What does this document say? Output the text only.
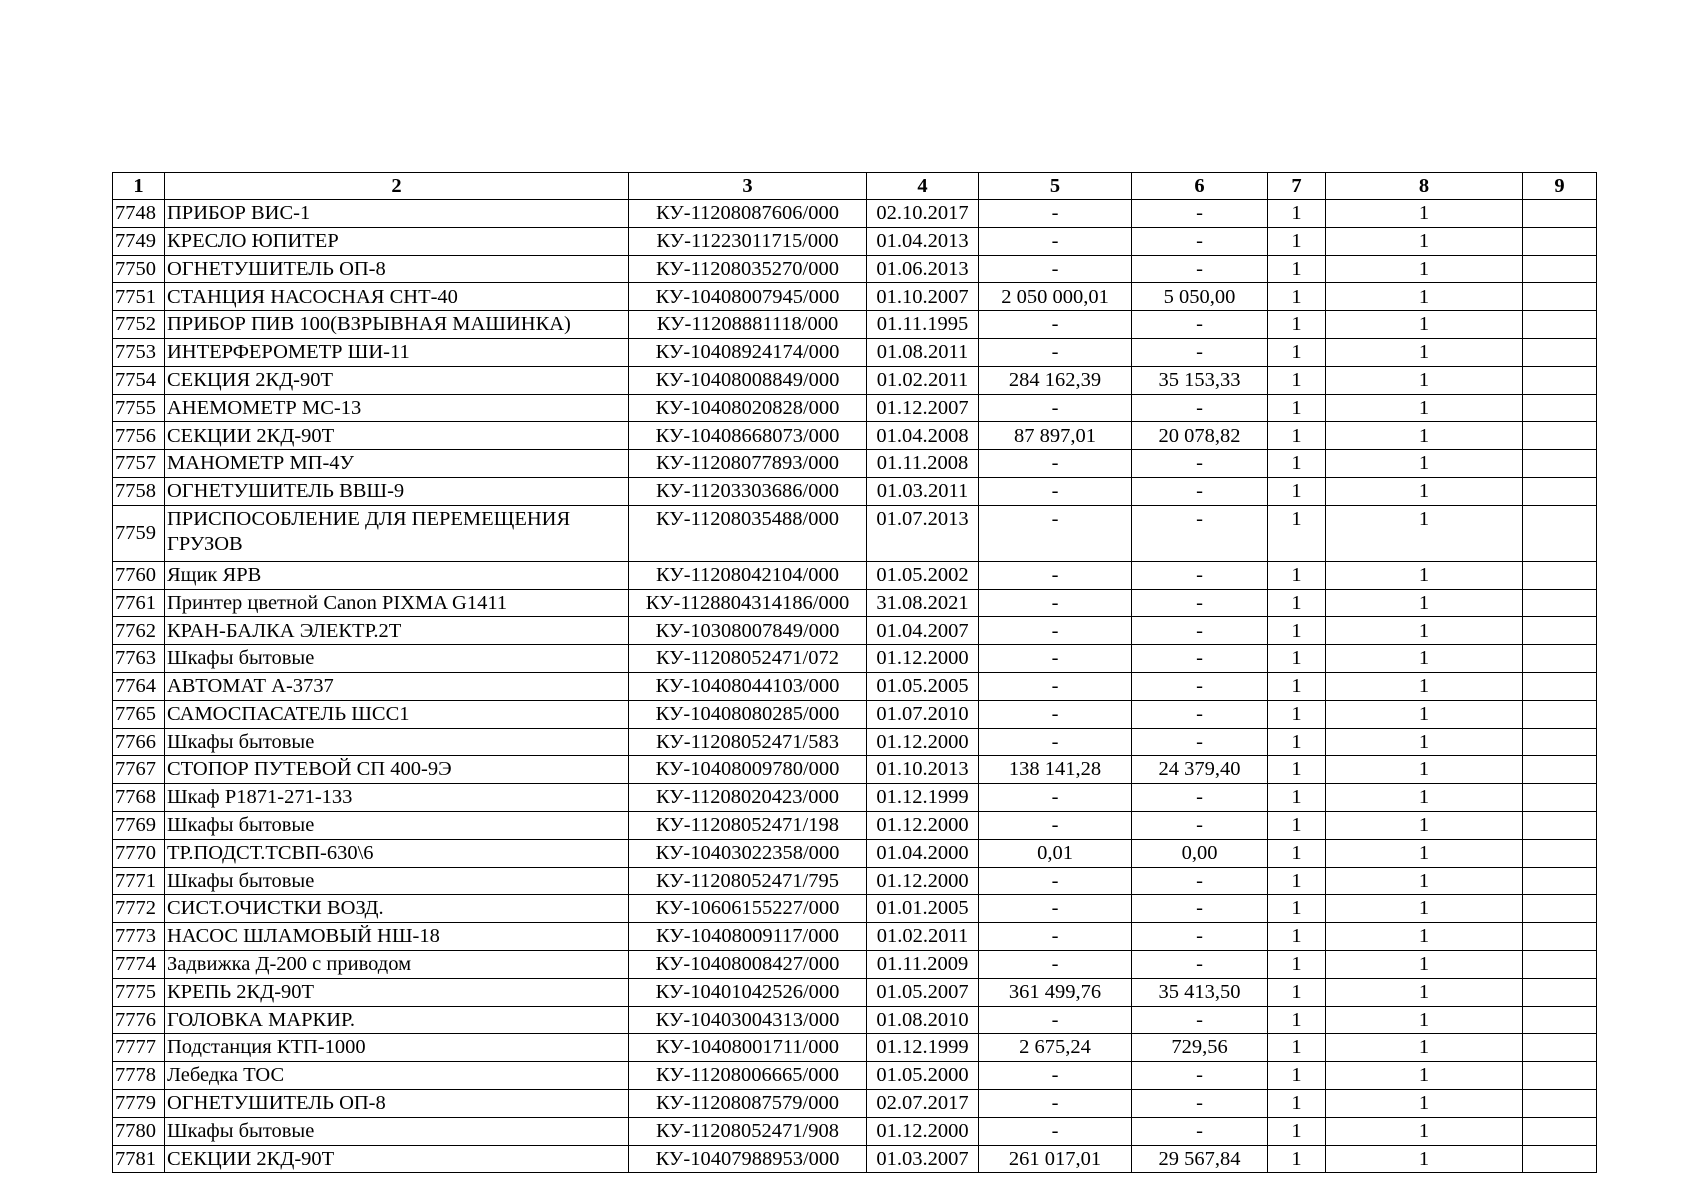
1	2	3	4	5	6	7	8	9
7748	ПРИБОР ВИС-1	КУ-11208087606/000	02.10.2017	-	-	1	1	
7749	КРЕСЛО ЮПИТЕР	КУ-11223011715/000	01.04.2013	-	-	1	1	
7750	ОГНЕТУШИТЕЛЬ ОП-8	КУ-11208035270/000	01.06.2013	-	-	1	1	
7751	СТАНЦИЯ НАСОСНАЯ СНТ-40	КУ-10408007945/000	01.10.2007	2 050 000,01	5 050,00	1	1	
7752	ПРИБОР ПИВ 100(ВЗРЫВНАЯ МАШИНКА)	КУ-11208881118/000	01.11.1995	-	-	1	1	
7753	ИНТЕРФЕРОМЕТР ШИ-11	КУ-10408924174/000	01.08.2011	-	-	1	1	
7754	СЕКЦИЯ 2КД-90Т	КУ-10408008849/000	01.02.2011	284 162,39	35 153,33	1	1	
7755	АНЕМОМЕТР МС-13	КУ-10408020828/000	01.12.2007	-	-	1	1	
7756	СЕКЦИИ 2КД-90Т	КУ-10408668073/000	01.04.2008	87 897,01	20 078,82	1	1	
7757	МАНОМЕТР МП-4У	КУ-11208077893/000	01.11.2008	-	-	1	1	
7758	ОГНЕТУШИТЕЛЬ ВВШ-9	КУ-11203303686/000	01.03.2011	-	-	1	1	
7759	ПРИСПОСОБЛЕНИЕ ДЛЯ ПЕРЕМЕЩЕНИЯ ГРУЗОВ	КУ-11208035488/000	01.07.2013	-	-	1	1	
7760	Ящик ЯРВ	КУ-11208042104/000	01.05.2002	-	-	1	1	
7761	Принтер цветной Canon PIXMA G1411	КУ-1128804314186/000	31.08.2021	-	-	1	1	
7762	КРАН-БАЛКА ЭЛЕКТР.2Т	КУ-10308007849/000	01.04.2007	-	-	1	1	
7763	Шкафы бытовые	КУ-11208052471/072	01.12.2000	-	-	1	1	
7764	АВТОМАТ А-3737	КУ-10408044103/000	01.05.2005	-	-	1	1	
7765	САМОСПАСАТЕЛЬ ШСС1	КУ-10408080285/000	01.07.2010	-	-	1	1	
7766	Шкафы бытовые	КУ-11208052471/583	01.12.2000	-	-	1	1	
7767	СТОПОР ПУТЕВОЙ СП 400-9Э	КУ-10408009780/000	01.10.2013	138 141,28	24 379,40	1	1	
7768	Шкаф Р1871-271-133	КУ-11208020423/000	01.12.1999	-	-	1	1	
7769	Шкафы бытовые	КУ-11208052471/198	01.12.2000	-	-	1	1	
7770	ТР.ПОДСТ.ТСВП-630\6	КУ-10403022358/000	01.04.2000	0,01	0,00	1	1	
7771	Шкафы бытовые	КУ-11208052471/795	01.12.2000	-	-	1	1	
7772	СИСТ.ОЧИСТКИ ВОЗД.	КУ-10606155227/000	01.01.2005	-	-	1	1	
7773	НАСОС ШЛАМОВЫЙ НШ-18	КУ-10408009117/000	01.02.2011	-	-	1	1	
7774	Задвижка Д-200 с приводом	КУ-10408008427/000	01.11.2009	-	-	1	1	
7775	КРЕПЬ 2КД-90Т	КУ-10401042526/000	01.05.2007	361 499,76	35 413,50	1	1	
7776	ГОЛОВКА МАРКИР.	КУ-10403004313/000	01.08.2010	-	-	1	1	
7777	Подстанция КТП-1000	КУ-10408001711/000	01.12.1999	2 675,24	729,56	1	1	
7778	Лебедка ТОС	КУ-11208006665/000	01.05.2000	-	-	1	1	
7779	ОГНЕТУШИТЕЛЬ ОП-8	КУ-11208087579/000	02.07.2017	-	-	1	1	
7780	Шкафы бытовые	КУ-11208052471/908	01.12.2000	-	-	1	1	
7781	СЕКЦИИ 2КД-90Т	КУ-10407988953/000	01.03.2007	261 017,01	29 567,84	1	1	
